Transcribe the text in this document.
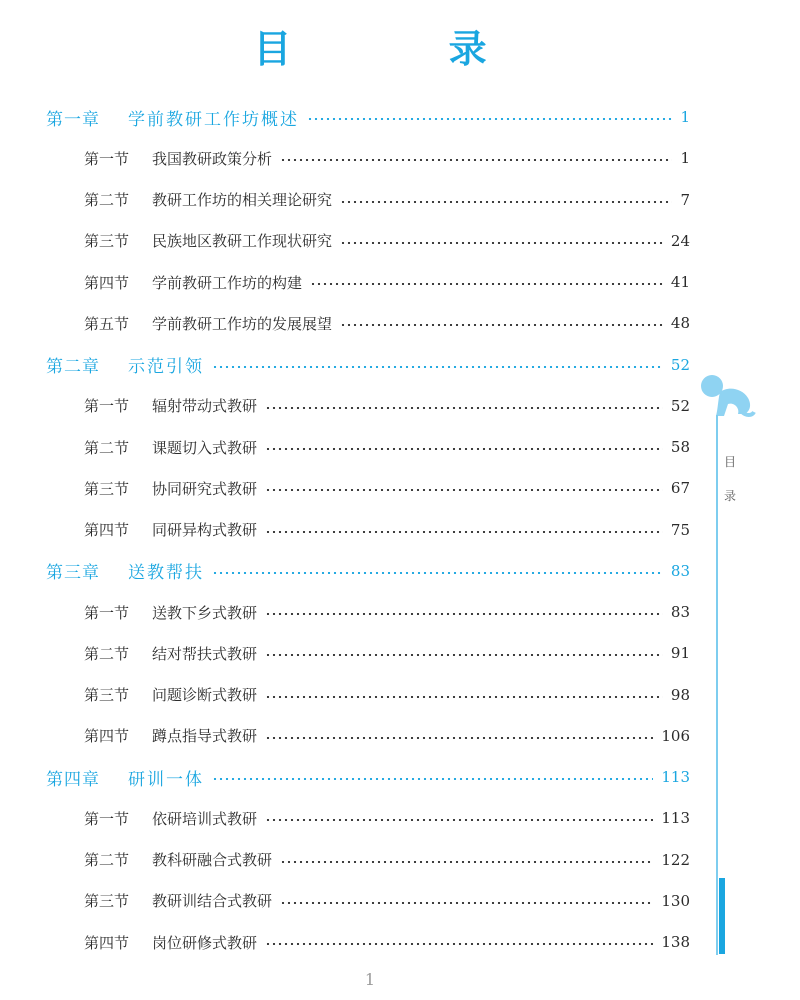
目 录
第一章	学前教研工作坊概述	1
第一节	我国教研政策分析	1
第二节	教研工作坊的相关理论研究	7
第三节	民族地区教研工作现状研究	24
第四节	学前教研工作坊的构建	41
第五节	学前教研工作坊的发展展望	48
第二章	示范引领	52
第一节	辐射带动式教研	52
第二节	课题切入式教研	58
第三节	协同研究式教研	67
第四节	同研异构式教研	75
第三章	送教帮扶	83
第一节	送教下乡式教研	83
第二节	结对帮扶式教研	91
第三节	问题诊断式教研	98
第四节	蹲点指导式教研	106
第四章	研训一体	113
第一节	依研培训式教研	113
第二节	教科研融合式教研	122
第三节	教研训结合式教研	130
第四节	岗位研修式教研	138
目录
1
